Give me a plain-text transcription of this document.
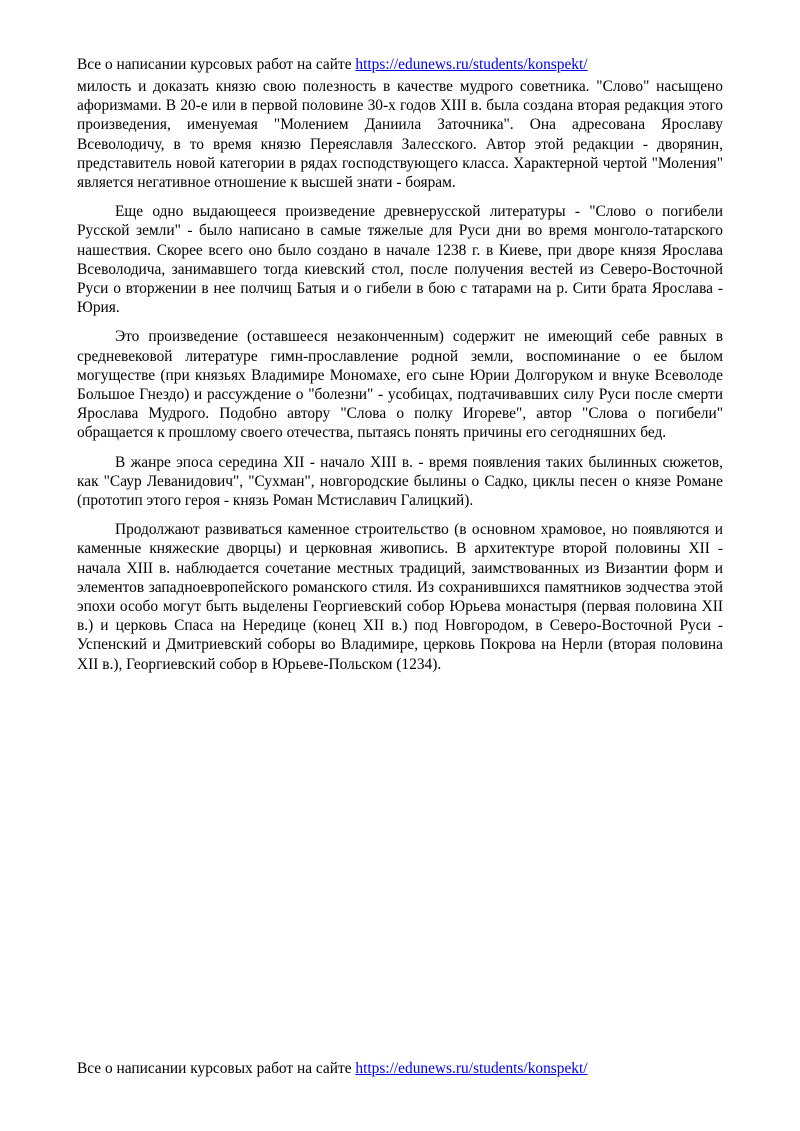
Все о написании курсовых работ на сайте https://edunews.ru/students/konspekt/

милость и доказать князю свою полезность в качестве мудрого советника. "Слово" насыщено афоризмами. В 20-е или в первой половине 30-х годов XIII в. была создана вторая редакция этого произведения, именуемая "Молением Даниила Заточника". Она адресована Ярославу Всеволодичу, в то время князю Переяславля Залесского. Автор этой редакции - дворянин, представитель новой категории в рядах господствующего класса. Характерной чертой "Моления" является негативное отношение к высшей знати - боярам.

Еще одно выдающееся произведение древнерусской литературы - "Слово о погибели Русской земли" - было написано в самые тяжелые для Руси дни во время монголо-татарского нашествия. Скорее всего оно было создано в начале 1238 г. в Киеве, при дворе князя Ярослава Всеволодича, занимавшего тогда киевский стол, после получения вестей из Северо-Восточной Руси о вторжении в нее полчищ Батыя и о гибели в бою с татарами на р. Сити брата Ярослава - Юрия.

Это произведение (оставшееся незаконченным) содержит не имеющий себе равных в средневековой литературе гимн-прославление родной земли, воспоминание о ее былом могуществе (при князьях Владимире Мономахе, его сыне Юрии Долгоруком и внуке Всеволоде Большое Гнездо) и рассуждение о "болезни" - усобицах, подтачивавших силу Руси после смерти Ярослава Мудрого. Подобно автору "Слова о полку Игореве", автор "Слова о погибели" обращается к прошлому своего отечества, пытаясь понять причины его сегодняшних бед.

В жанре эпоса середина XII - начало XIII в. - время появления таких былинных сюжетов, как "Саур Леванидович", "Сухман", новгородские былины о Садко, циклы песен о князе Романе (прототип этого героя - князь Роман Мстиславич Галицкий).

Продолжают развиваться каменное строительство (в основном храмовое, но появляются и каменные княжеские дворцы) и церковная живопись. В архитектуре второй половины XII - начала XIII в. наблюдается сочетание местных традиций, заимствованных из Византии форм и элементов западноевропейского романского стиля. Из сохранившихся памятников зодчества этой эпохи особо могут быть выделены Георгиевский собор Юрьева монастыря (первая половина XII в.) и церковь Спаса на Нередице (конец XII в.) под Новгородом, в Северо-Восточной Руси - Успенский и Дмитриевский соборы во Владимире, церковь Покрова на Нерли (вторая половина XII в.), Георгиевский собор в Юрьеве-Польском (1234).

Все о написании курсовых работ на сайте https://edunews.ru/students/konspekt/
